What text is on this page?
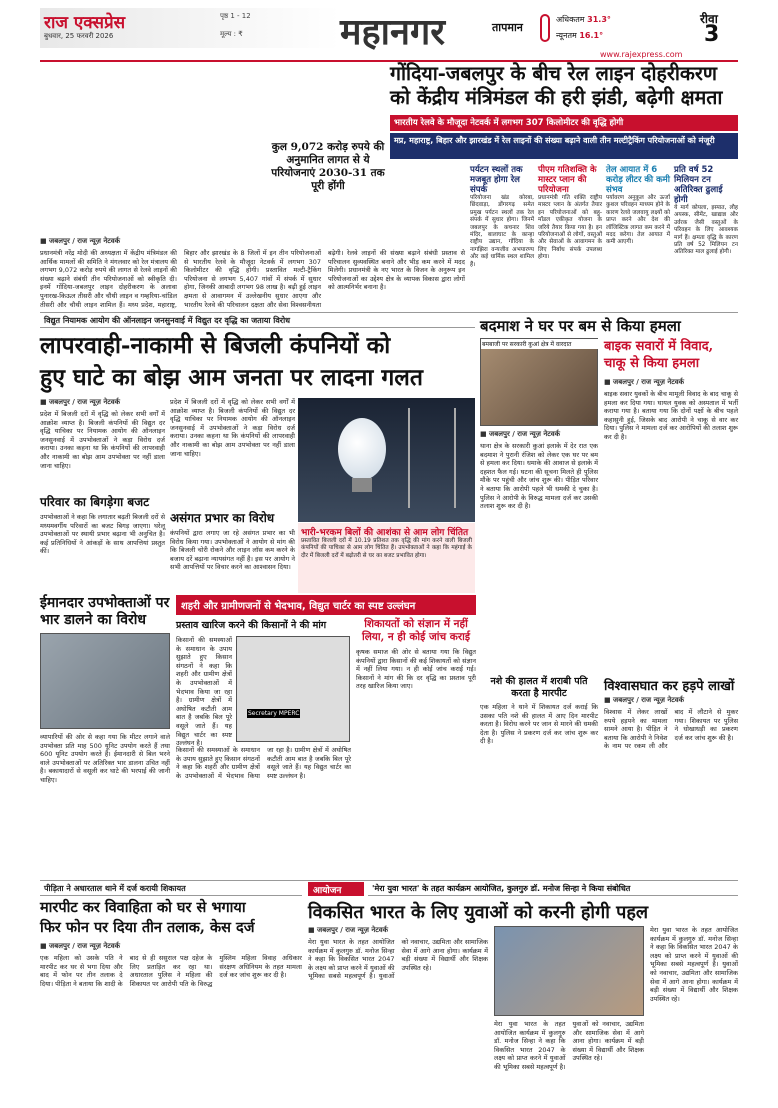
राज एक्सप्रेस
बुधवार, 25 फरवरी 2026
पृष्ठ 1 - 12
मूल्य : ₹	महानगर	तापमान
अधिकतम 31.3°
न्यूनतम 16.1°
रीवा
3
www.rajexpress.com
कुल 9,072 करोड़ रुपये की अनुमानित लागत से ये परियोजनाएं 2030-31 तक पूरी होंगी
गोंदिया-जबलपुर के बीच रेल लाइन दोहरीकरण
को केंद्रीय मंत्रिमंडल की हरी झंडी, बढ़ेगी क्षमता
भारतीय रेलवे के मौजूदा नेटवर्क में लगभग 307 किलोमीटर की वृद्धि होगी
मप्र, महाराष्ट्र, बिहार और झारखंड में रेल लाइनों की संख्या बढ़ाने वाली तीन मल्टीट्रैकिंग परियोजनाओं को मंजूरी
■ जबलपुर / राज न्यूज़ नेटवर्क
प्रधानमंत्री नरेंद्र मोदी की अध्यक्षता में केंद्रीय मंत्रिमंडल की आर्थिक मामलों की समिति ने मंगलवार को रेल मंत्रालय की लगभग 9,072 करोड़ रुपये की लागत से रेलवे लाइनों की संख्या बढ़ाने संबंधी तीन परियोजनाओं को स्वीकृति दी। इनमें गोंदिया-जबलपुर लाइन दोहरीकरण के अलावा पुनारख-किऊल तीसरी और चौथी लाइन व गम्हरिया-चांडिल तीसरी और चौथी लाइन शामिल हैं। मध्य प्रदेश, महाराष्ट्र, बिहार और झारखंड के 8 जिलों में इन तीन परियोजनाओं से भारतीय रेलवे के मौजूदा नेटवर्क में लगभग 307 किलोमीटर की वृद्धि होगी। प्रस्तावित मल्टी-ट्रैकिंग परियोजना से लगभग 5,407 गांवों में संपर्क में सुधार होगा, जिनकी आबादी लगभग 98 लाख है। बढ़ी हुई लाइन क्षमता से आवागमन में उल्लेखनीय सुधार आएगा और भारतीय रेलवे की परिचालन दक्षता और सेवा विश्वसनीयता बढ़ेगी। रेलवे लाइनों की संख्या बढ़ाने संबंधी प्रस्ताव से परिचालन सुव्यवस्थित बनाने और भीड़ कम करने में मदद मिलेगी। प्रधानमंत्री के नए भारत के विजन के अनुरूप इन परियोजनाओं का उद्देश्य क्षेत्र के व्यापक विकास द्वारा लोगों को आत्मनिर्भर बनाना है।
पर्यटन स्थलों तक मजबूत होगा रेल संपर्क
परियोजना खंड कोरबा, छिंदवाड़ा, डोंगरगढ़ समेत प्रमुख पर्यटन स्थलों तक रेल संपर्क में सुधार होगा। जिनमें जबलपुर के कचनार शिव मंदिर, बालाघाट के कान्हा राष्ट्रीय उद्यान, गोंदिया के नागझिरा वन्यजीव अभयारण्य और कई धार्मिक स्थल शामिल हैं।
पीएम गतिशक्ति के मास्टर प्लान की परियोजना
प्रधानमंत्री गति शक्ति राष्ट्रीय मास्टर प्लान के अंतर्गत तैयार इन परियोजनाओं को बहु-मॉडल एकीकृत योजना के जरिये तैयार किया गया है। इन परियोजनाओं से लोगों, वस्तुओं और सेवाओं के आवागमन के लिए निर्बाध संपर्क उपलब्ध होगा।
तेल आयात में 6 करोड़ लीटर की कमी संभव
पर्यावरण अनुकूल और ऊर्जा कुशल परिवहन माध्यम होने के कारण रेलवे जलवायु लक्ष्यों को प्राप्त करने और देश की लॉजिस्टिक लागत कम करने में मदद करेगा। तेल आयात में कमी आएगी।
प्रति वर्ष 52 मिलियन टन अतिरिक्त ढुलाई होगी
ये मार्ग कोयला, इस्पात, लौह अयस्क, सीमेंट, खाद्यान्न और उर्वरक जैसी वस्तुओं के परिवहन के लिए आवश्यक मार्ग हैं। क्षमता वृद्धि के कारण प्रति वर्ष 52 मिलियन टन अतिरिक्त माल ढुलाई होगी।
विद्युत नियामक आयोग की ऑनलाइन जनसुनवाई में विद्युत दर वृद्धि का जताया विरोध
लापरवाही-नाकामी से बिजली कंपनियों को
हुए घाटे का बोझ आम जनता पर लादना गलत
■ जबलपुर / राज न्यूज़ नेटवर्क
प्रदेश में बिजली दरों में वृद्धि को लेकर सभी वर्गों में आक्रोश व्याप्त है। बिजली कंपनियों की विद्युत दर वृद्धि याचिका पर नियामक आयोग की ऑनलाइन जनसुनवाई में उपभोक्ताओं ने कड़ा विरोध दर्ज कराया। उनका कहना था कि कंपनियों की लापरवाही और नाकामी का बोझ आम उपभोक्ता पर नहीं डाला जाना चाहिए।
परिवार का बिगड़ेगा बजट
उपभोक्ताओं ने कहा कि लगातार बढ़ती बिजली दरों से मध्यमवर्गीय परिवारों का बजट बिगड़ जाएगा। घरेलू उपभोक्ताओं पर स्थायी प्रभार बढ़ाना भी अनुचित है। कई प्रतिनिधियों ने आंकड़ों के साथ आपत्तियां प्रस्तुत कीं।
प्रदेश में बिजली दरों में वृद्धि को लेकर सभी वर्गों में आक्रोश व्याप्त है। बिजली कंपनियों की विद्युत दर वृद्धि याचिका पर नियामक आयोग की ऑनलाइन जनसुनवाई में उपभोक्ताओं ने कड़ा विरोध दर्ज कराया। उनका कहना था कि कंपनियों की लापरवाही और नाकामी का बोझ आम उपभोक्ता पर नहीं डाला जाना चाहिए।
असंगत प्रभार का विरोध
कंपनियों द्वारा लगाए जा रहे असंगत प्रभार का भी विरोध किया गया। उपभोक्ताओं ने आयोग से मांग की कि बिजली चोरी रोकने और लाइन लॉस कम करने के बजाय दरें बढ़ाना न्यायसंगत नहीं है। इस पर आयोग ने सभी आपत्तियों पर विचार करने का आश्वासन दिया।
भारी-भरकम बिलों की आशंका से आम लोग चिंतित
प्रस्तावित बिजली दरों में 10.19 प्रतिशत तक वृद्धि की मांग करने वाली बिजली कंपनियों की याचिका से आम लोग चिंतित हैं। उपभोक्ताओं ने कहा कि महंगाई के दौर में बिजली दरों में बढ़ोतरी से घर का बजट प्रभावित होगा।
ईमानदार उपभोक्ताओं पर भार डालने का विरोध
व्यापारियों की ओर से कहा गया कि मीटर लगाने वाले उपभोक्ता प्रति माह 500 यूनिट उपयोग करते हैं तथा 600 यूनिट उपयोग करते हैं। ईमानदारी से बिल भरने वाले उपभोक्ताओं पर अतिरिक्त भार डालना उचित नहीं है। बकायादारों से वसूली कर घाटे की भरपाई की जानी चाहिए।
शहरी और ग्रामीणजनों से भेदभाव, विद्युत चार्टर का स्पष्ट उल्लंघन
प्रस्ताव खारिज करने की किसानों ने की मांग
Secretary MPERC
किसानों की समस्याओं के समाधान के उपाय सुझाते हुए किसान संगठनों ने कहा कि शहरी और ग्रामीण क्षेत्रों के उपभोक्ताओं में भेदभाव किया जा रहा है। ग्रामीण क्षेत्रों में अघोषित कटौती आम बात है जबकि बिल पूरे वसूले जाते हैं। यह विद्युत चार्टर का स्पष्ट उल्लंघन है।
किसानों की समस्याओं के समाधान के उपाय सुझाते हुए किसान संगठनों ने कहा कि शहरी और ग्रामीण क्षेत्रों के उपभोक्ताओं में भेदभाव किया जा रहा है। ग्रामीण क्षेत्रों में अघोषित कटौती आम बात है जबकि बिल पूरे वसूले जाते हैं। यह विद्युत चार्टर का स्पष्ट उल्लंघन है।
शिकायतों को संज्ञान में नहीं लिया, न ही कोई जांच कराई
कृषक समाज की ओर से बताया गया कि विद्युत कंपनियों द्वारा किसानों की कई शिकायतों को संज्ञान में नहीं लिया गया। न ही कोई जांच कराई गई। किसानों ने मांग की कि दर वृद्धि का प्रस्ताव पूरी तरह खारिज किया जाए।
बदमाश ने घर पर बम से किया हमला
बमबाजी पर सरकारी कुआं क्षेत्र में वारदात
■ जबलपुर / राज न्यूज़ नेटवर्क
थाना क्षेत्र के सरकारी कुआं इलाके में देर रात एक बदमाश ने पुरानी रंजिश को लेकर एक घर पर बम से हमला कर दिया। धमाके की आवाज से इलाके में दहशत फैल गई। घटना की सूचना मिलते ही पुलिस मौके पर पहुंची और जांच शुरू की। पीड़ित परिवार ने बताया कि आरोपी पहले भी धमकी दे चुका है। पुलिस ने आरोपी के विरुद्ध मामला दर्ज कर उसकी तलाश शुरू कर दी है।
नशे की हालत में शराबी पति करता है मारपीट
एक महिला ने थाने में शिकायत दर्ज कराई कि उसका पति नशे की हालत में आए दिन मारपीट करता है। विरोध करने पर जान से मारने की धमकी देता है। पुलिस ने प्रकरण दर्ज कर जांच शुरू कर दी है।
बाइक सवारों में विवाद,
चाकू से किया हमला
■ जबलपुर / राज न्यूज़ नेटवर्क
बाइक सवार युवकों के बीच मामूली विवाद के बाद चाकू से हमला कर दिया गया। घायल युवक को अस्पताल में भर्ती कराया गया है। बताया गया कि दोनों पक्षों के बीच पहले कहासुनी हुई, जिसके बाद आरोपी ने चाकू से वार कर दिया। पुलिस ने मामला दर्ज कर आरोपियों की तलाश शुरू कर दी है।
विश्वासघात कर हड़पे लाखों
■ जबलपुर / राज न्यूज़ नेटवर्क
विश्वास में लेकर लाखों रुपये हड़पने का मामला सामने आया है। पीड़ित ने बताया कि आरोपी ने निवेश के नाम पर रकम ली और बाद में लौटाने से मुकर गया। शिकायत पर पुलिस ने धोखाधड़ी का प्रकरण दर्ज कर जांच शुरू की है।
पीड़िता ने अधारताल थाने में दर्ज करायी शिकायत
मारपीट कर विवाहिता को घर से भगाया
फिर फोन पर दिया तीन तलाक, केस दर्ज
■ जबलपुर / राज न्यूज़ नेटवर्क
एक महिला को उसके पति ने मारपीट कर घर से भगा दिया और बाद में फोन पर तीन तलाक दे दिया। पीड़िता ने बताया कि शादी के बाद से ही ससुराल पक्ष दहेज के लिए प्रताड़ित कर रहा था। अधारताल पुलिस ने महिला की शिकायत पर आरोपी पति के विरुद्ध मुस्लिम महिला विवाह अधिकार संरक्षण अधिनियम के तहत मामला दर्ज कर जांच शुरू कर दी है।
आयोजन	'मेरा युवा भारत' के तहत कार्यक्रम आयोजित, कुलगुरु डॉ. मनोज सिन्हा ने किया संबोधित
विकसित भारत के लिए युवाओं को करनी होगी पहल
■ जबलपुर / राज न्यूज़ नेटवर्क
मेरा युवा भारत के तहत आयोजित कार्यक्रम में कुलगुरु डॉ. मनोज सिन्हा ने कहा कि विकसित भारत 2047 के लक्ष्य को प्राप्त करने में युवाओं की भूमिका सबसे महत्वपूर्ण है। युवाओं को नवाचार, उद्यमिता और सामाजिक सेवा में आगे आना होगा। कार्यक्रम में बड़ी संख्या में विद्यार्थी और शिक्षक उपस्थित रहे।
मेरा युवा भारत के तहत आयोजित कार्यक्रम में कुलगुरु डॉ. मनोज सिन्हा ने कहा कि विकसित भारत 2047 के लक्ष्य को प्राप्त करने में युवाओं की भूमिका सबसे महत्वपूर्ण है। युवाओं को नवाचार, उद्यमिता और सामाजिक सेवा में आगे आना होगा। कार्यक्रम में बड़ी संख्या में विद्यार्थी और शिक्षक उपस्थित रहे।
मेरा युवा भारत के तहत आयोजित कार्यक्रम में कुलगुरु डॉ. मनोज सिन्हा ने कहा कि विकसित भारत 2047 के लक्ष्य को प्राप्त करने में युवाओं की भूमिका सबसे महत्वपूर्ण है। युवाओं को नवाचार, उद्यमिता और सामाजिक सेवा में आगे आना होगा। कार्यक्रम में बड़ी संख्या में विद्यार्थी और शिक्षक उपस्थित रहे।
